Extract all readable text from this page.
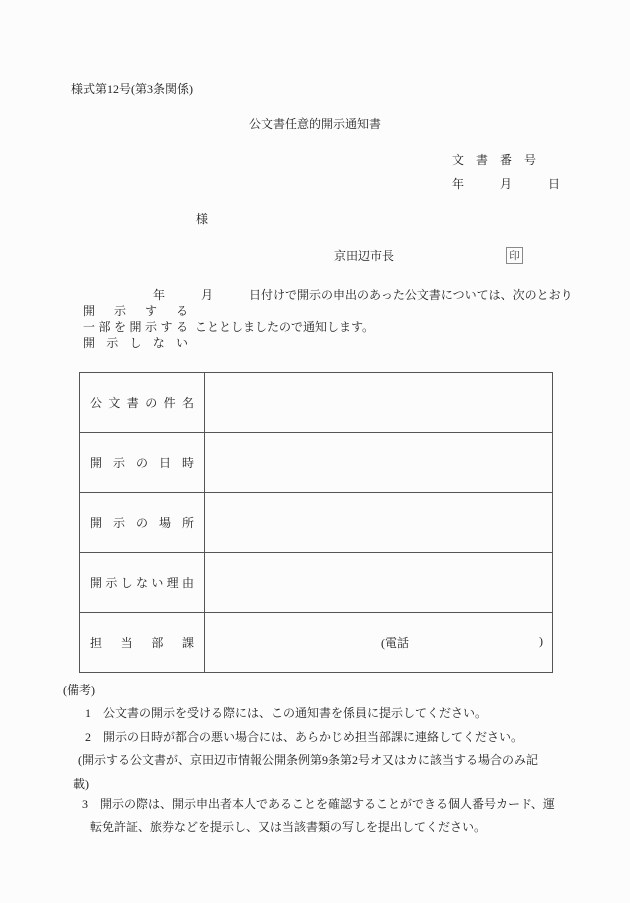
様式第12号(第3条関係)
公文書任意的開示通知書
文　書　番　号
年　　　月　　　日
様
京田辺市長	印
年　　　月　　　日付けで開示の申出のあった公文書については、次のとおり
開示する
一部を開示する
開示しない
こととしましたので通知します。
公文書の件名	

開示の日時	

開示の場所	

開示しない理由	

担当部課	(電話 )
(備考)
1　公文書の開示を受ける際には、この通知書を係員に提示してください。
2　開示の日時が都合の悪い場合には、あらかじめ担当部課に連絡してください。
(開示する公文書が、京田辺市情報公開条例第9条第2号オ又はカに該当する場合のみ記
載)
3　開示の際は、開示申出者本人であることを確認することができる個人番号カード、運
転免許証、旅券などを提示し、又は当該書類の写しを提出してください。
